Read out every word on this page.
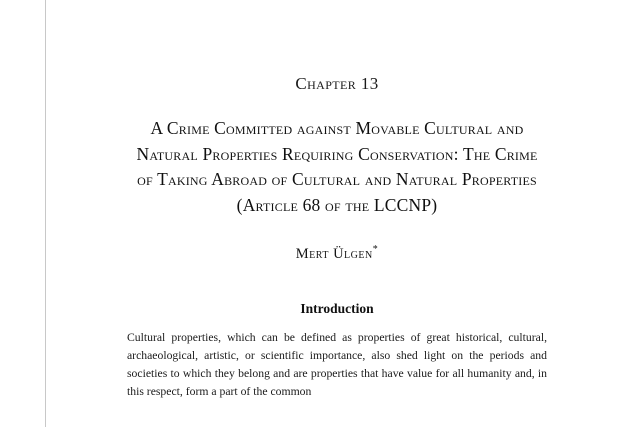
Chapter 13
A Crime Committed against Movable Cultural and Natural Properties Requiring Conservation: The Crime of Taking Abroad of Cultural and Natural Properties (Article 68 of the LCCNP)
Mert Ülgen*
Introduction
Cultural properties, which can be defined as properties of great historical, cultural, archaeological, artistic, or scientific importance, also shed light on the periods and societies to which they belong and are properties that have value for all humanity and, in this respect, form a part of the common
